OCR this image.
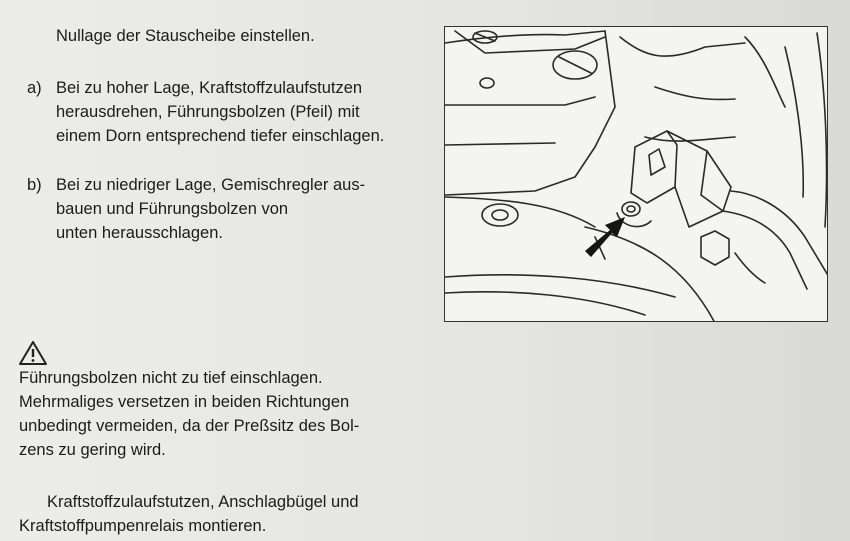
Nullage der Stauscheibe einstellen.
a) Bei zu hoher Lage, Kraftstoffzulaufstutzen
herausdrehen, Führungsbolzen (Pfeil) mit
einem Dorn entsprechend tiefer einschlagen.
b) Bei zu niedriger Lage, Gemischregler aus-
bauen und Führungsbolzen von
unten herausschlagen.
Führungsbolzen nicht zu tief einschlagen.
Mehrmaliges versetzen in beiden Richtungen
unbedingt vermeiden, da der Preßsitz des Bol-
zens zu gering wird.
Kraftstoffzulaufstutzen, Anschlagbügel und
Kraftstoffpumpenrelais montieren.
